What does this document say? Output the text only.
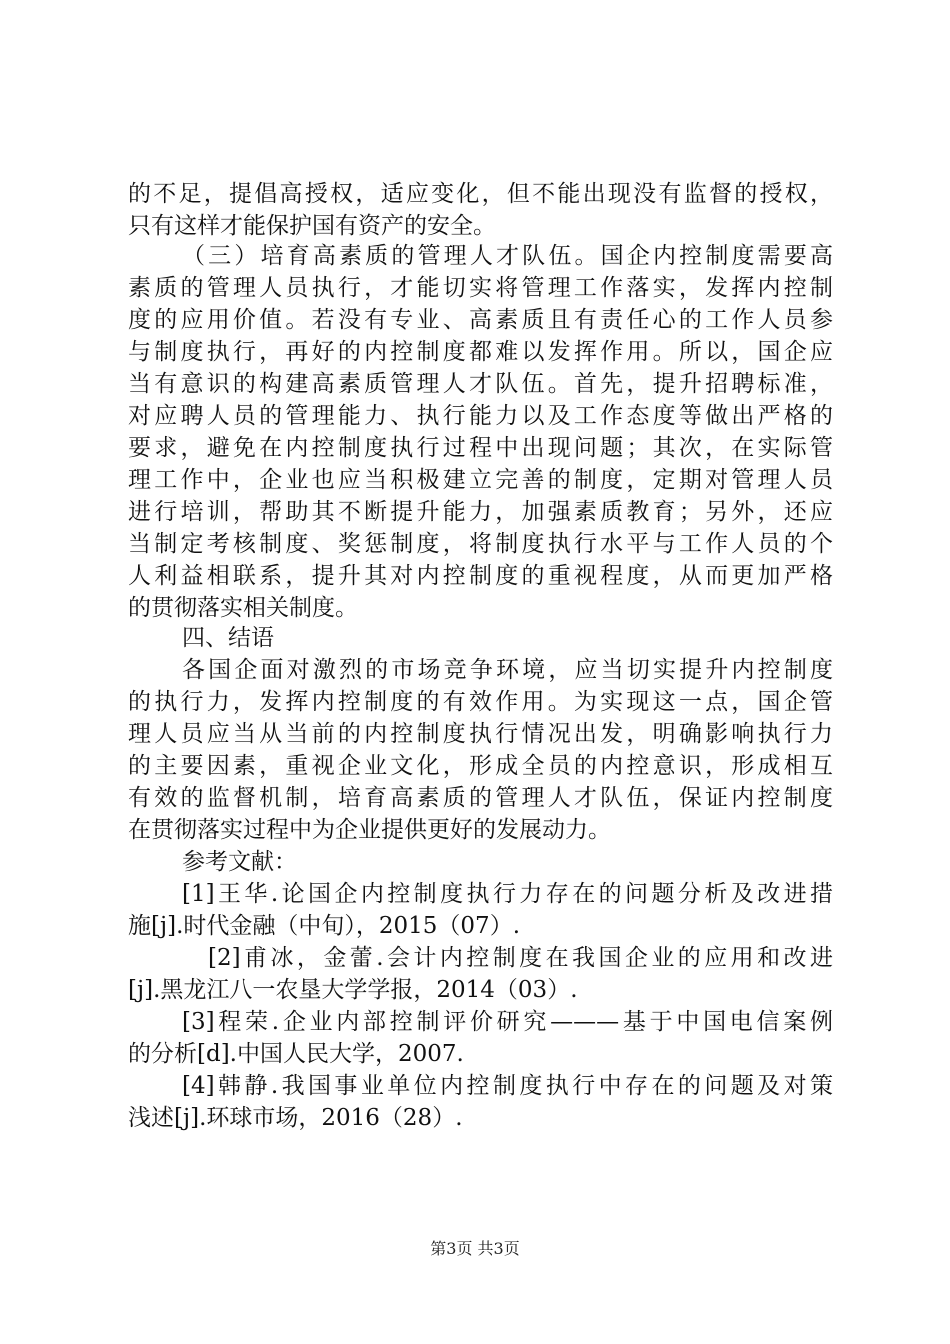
的不足，提倡高授权，适应变化，但不能出现没有监督的授权，
只有这样才能保护国有资产的安全。
（三）培育高素质的管理人才队伍。国企内控制度需要高
素质的管理人员执行，才能切实将管理工作落实，发挥内控制
度的应用价值。若没有专业、高素质且有责任心的工作人员参
与制度执行，再好的内控制度都难以发挥作用。所以，国企应
当有意识的构建高素质管理人才队伍。首先，提升招聘标准，
对应聘人员的管理能力、执行能力以及工作态度等做出严格的
要求，避免在内控制度执行过程中出现问题；其次，在实际管
理工作中，企业也应当积极建立完善的制度，定期对管理人员
进行培训，帮助其不断提升能力，加强素质教育；另外，还应
当制定考核制度、奖惩制度，将制度执行水平与工作人员的个
人利益相联系，提升其对内控制度的重视程度，从而更加严格
的贯彻落实相关制度。
四、结语
各国企面对激烈的市场竞争环境，应当切实提升内控制度
的执行力，发挥内控制度的有效作用。为实现这一点，国企管
理人员应当从当前的内控制度执行情况出发，明确影响执行力
的主要因素，重视企业文化，形成全员的内控意识，形成相互
有效的监督机制，培育高素质的管理人才队伍，保证内控制度
在贯彻落实过程中为企业提供更好的发展动力。
参考文献：
[1]王华.论国企内控制度执行力存在的问题分析及改进措
施[j].时代金融（中旬），2015（07）.
[2]甫冰，金蕾.会计内控制度在我国企业的应用和改进
[j].黑龙江八一农垦大学学报，2014（03）.
[3]程荣.企业内部控制评价研究———基于中国电信案例
的分析[d].中国人民大学，2007.
[4]韩静.我国事业单位内控制度执行中存在的问题及对策
浅述[j].环球市场，2016（28）.
第3页 共3页
